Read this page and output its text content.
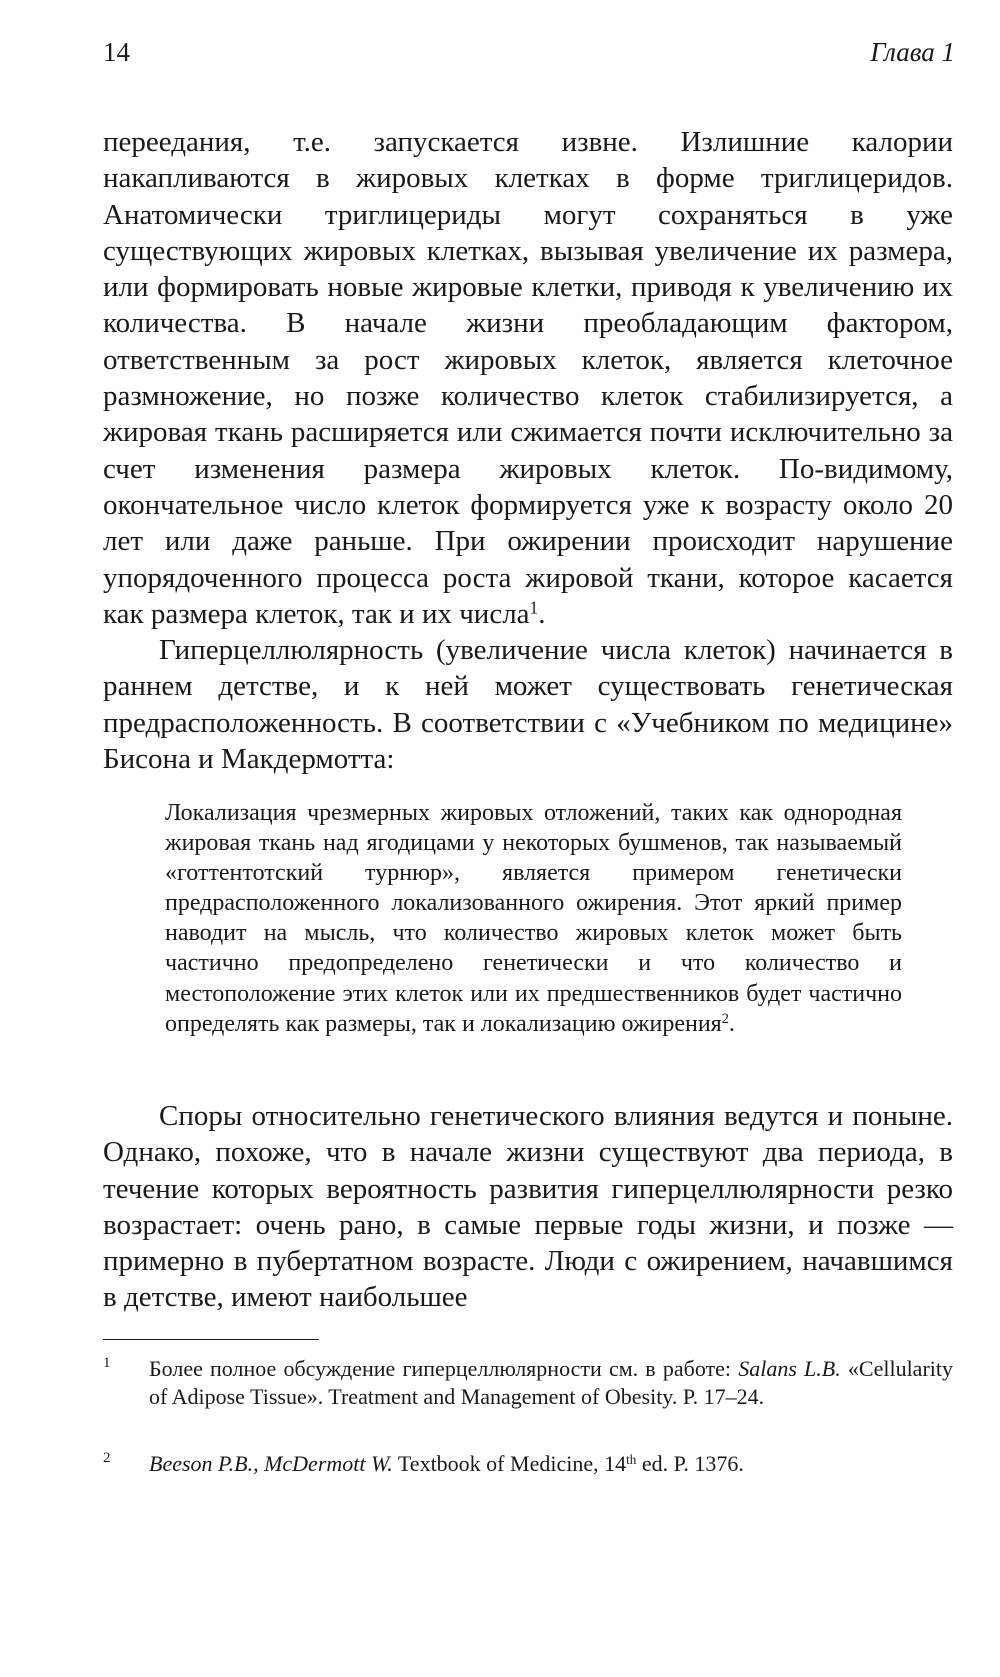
14	Глава 1

переедания, т.е. запускается извне. Излишние калории накапливаются в жировых клетках в форме триглицеридов. Анатомически триглицериды могут сохраняться в уже существующих жировых клетках, вызывая увеличение их размера, или формировать новые жировые клетки, приводя к увеличению их количества. В начале жизни преобладающим фактором, ответственным за рост жировых клеток, является клеточное размножение, но позже количество клеток стабилизируется, а жировая ткань расширяется или сжимается почти исключительно за счет изменения размера жировых клеток. По-видимому, окончательное число клеток формируется уже к возрасту около 20 лет или даже раньше. При ожирении происходит нарушение упорядоченного процесса роста жировой ткани, которое касается как размера клеток, так и их числа$^1$.

Гиперцеллюлярность (увеличение числа клеток) начинается в раннем детстве, и к ней может существовать генетическая предрасположенность. В соответствии с «Учебником по медицине» Бисона и Макдермотта:

Локализация чрезмерных жировых отложений, таких как однородная жировая ткань над ягодицами у некоторых бушменов, так называемый «готтентотский турнюр», является примером генетически предрасположенного локализованного ожирения. Этот яркий пример наводит на мысль, что количество жировых клеток может быть частично предопределено генетически и что количество и местоположение этих клеток или их предшественников будет частично определять как размеры, так и локализацию ожирения$^2$.

Споры относительно генетического влияния ведутся и поныне. Однако, похоже, что в начале жизни существуют два периода, в течение которых вероятность развития гиперцеллюлярности резко возрастает: очень рано, в самые первые годы жизни, и позже — примерно в пубертатном возрасте. Люди с ожирением, начавшимся в детстве, имеют наибольшее

1 Более полное обсуждение гиперцеллюлярности см. в работе: Salans L.B. «Cellularity of Adipose Tissue». Treatment and Management of Obesity. P. 17–24.
2 Beeson P.B., McDermott W. Textbook of Medicine, 14th ed. P. 1376.
